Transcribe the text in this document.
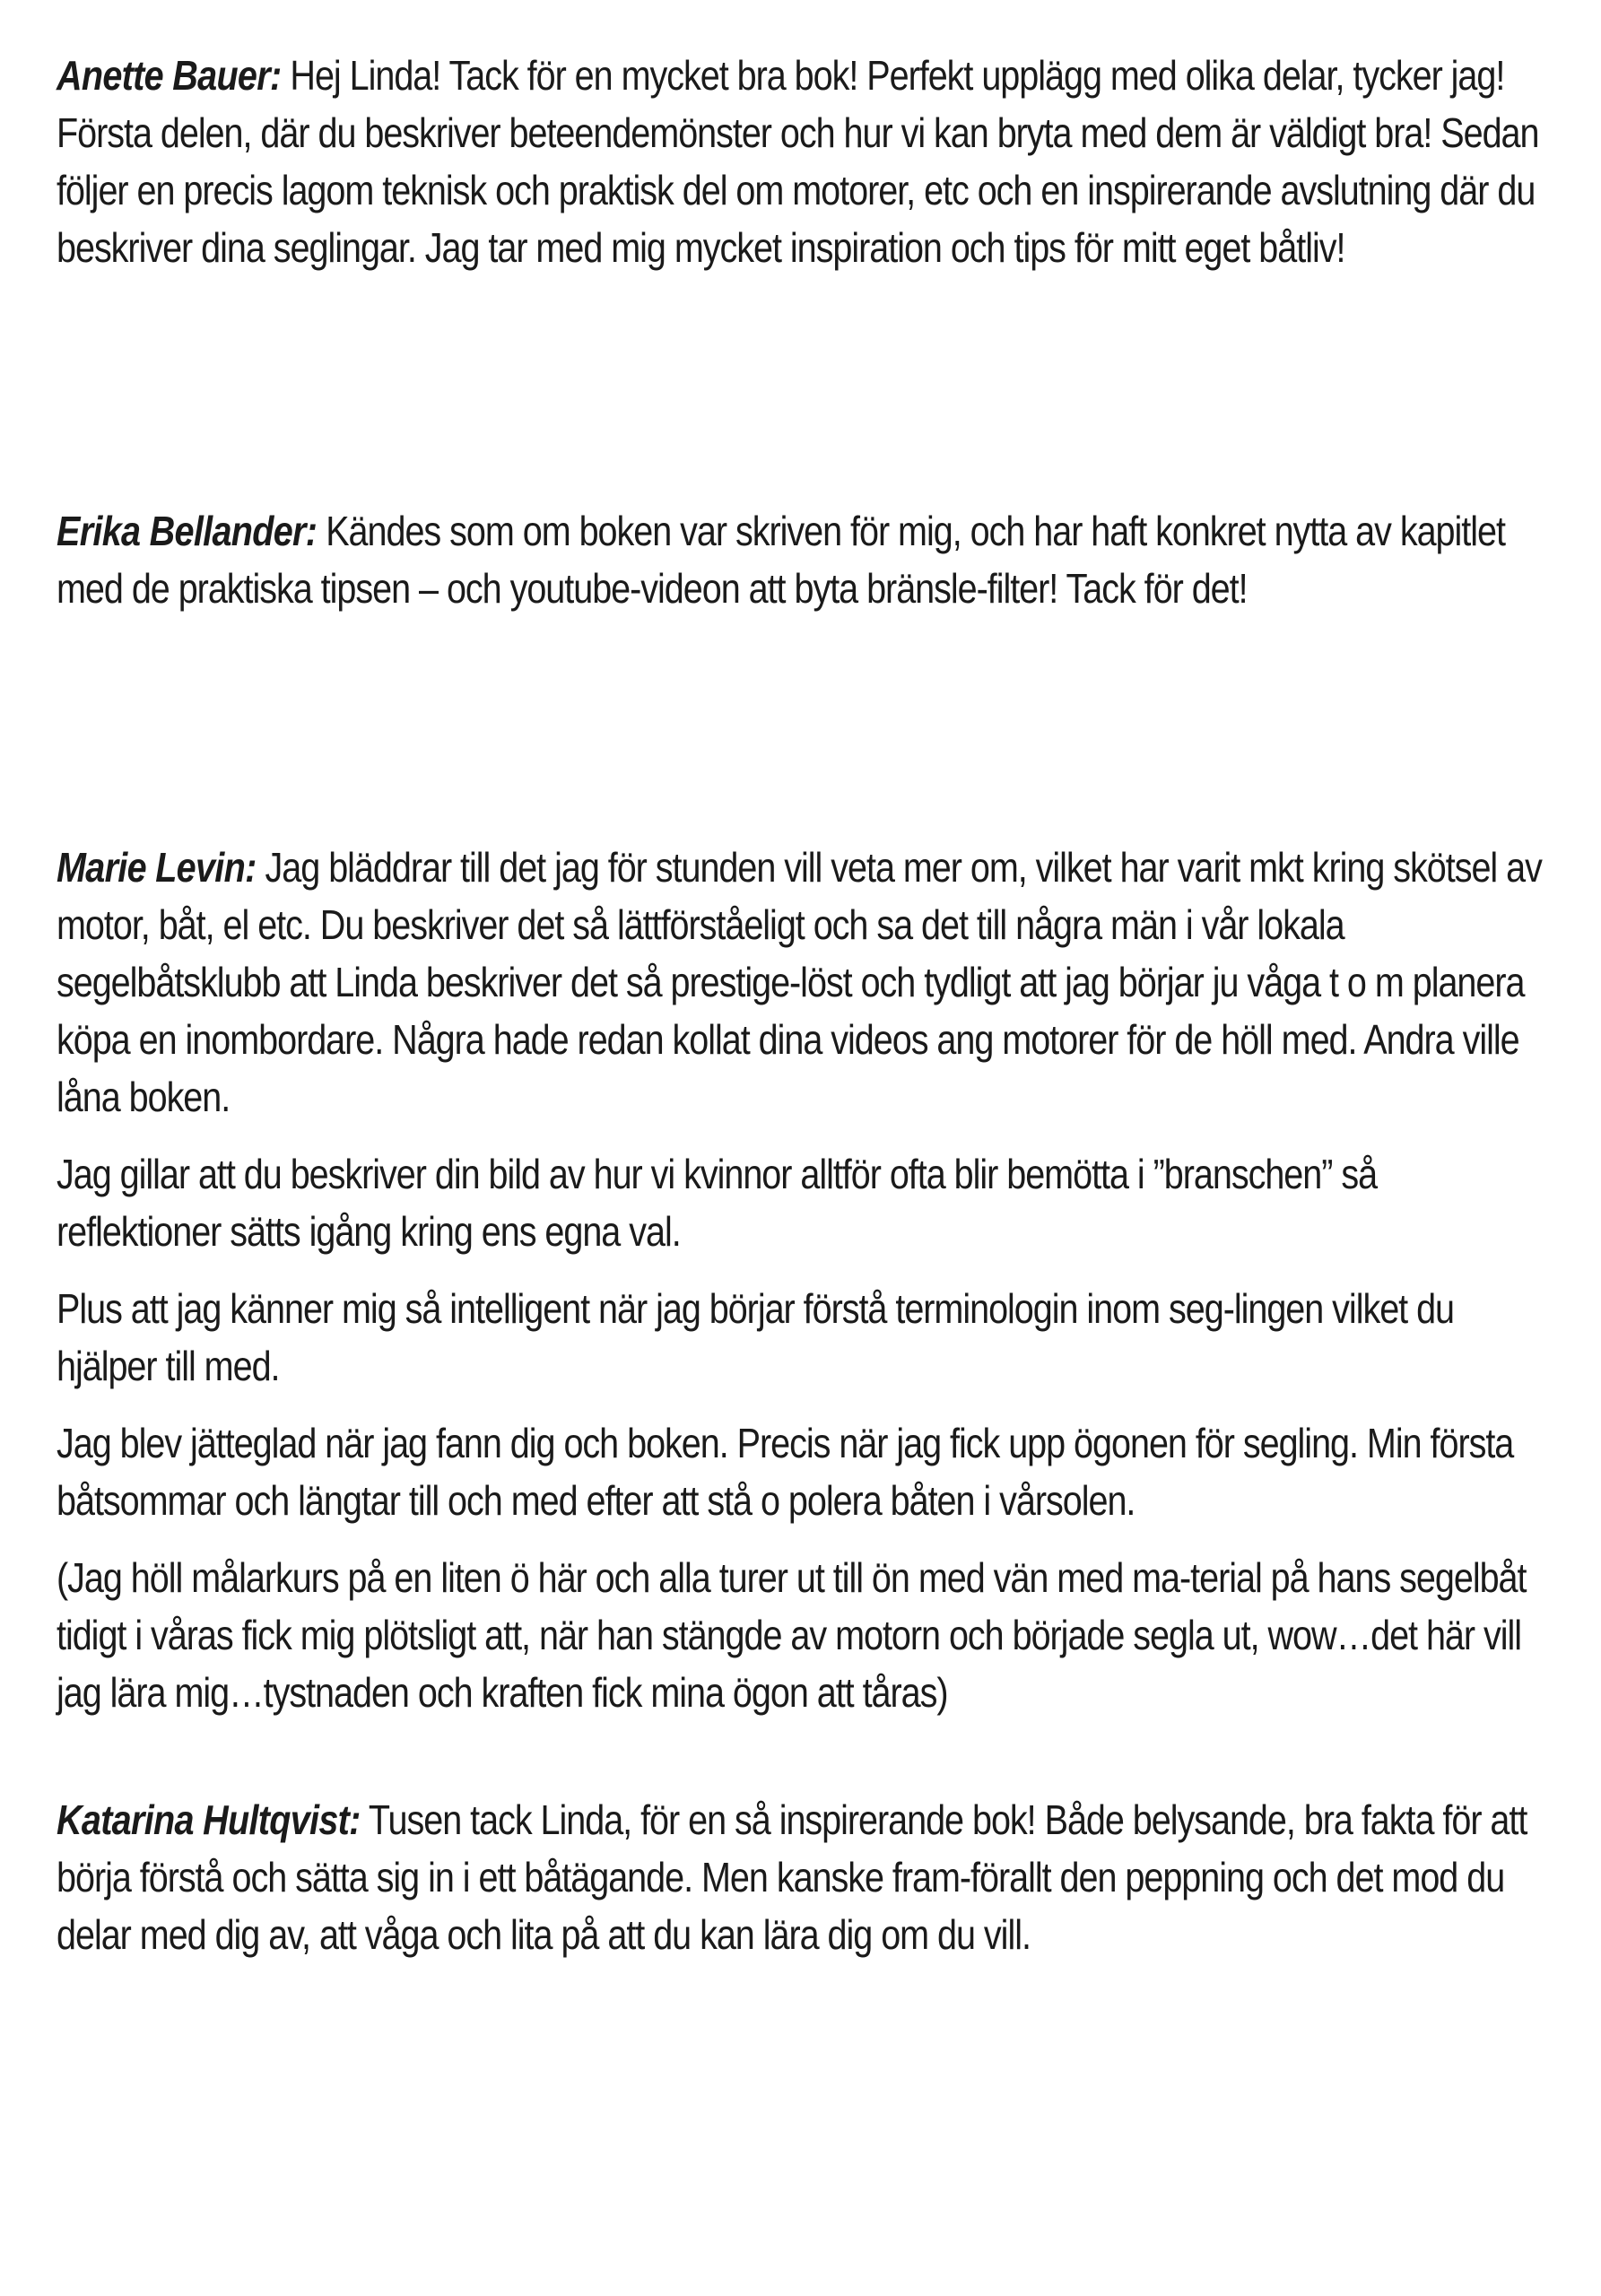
Anette Bauer: Hej Linda! Tack för en mycket bra bok! Perfekt upplägg med olika delar, tycker jag!

Första delen, där du beskriver beteendemönster och hur vi kan bryta med dem är väldigt bra! Sedan följer en precis lagom teknisk och praktisk del om motorer, etc och en inspirerande avslutning där du beskriver dina seglingar. Jag tar med mig mycket inspiration och tips för mitt eget båtliv!

Erika Bellander: Kändes som om boken var skriven för mig, och har haft konkret nytta av kapitlet med de praktiska tipsen – och youtube-videon att byta bränsle-filter! Tack för det!

Marie Levin: Jag bläddrar till det jag för stunden vill veta mer om, vilket har varit mkt kring skötsel av motor, båt, el etc. Du beskriver det så lättförståeligt och sa det till några män i vår lokala segelbåtsklubb att Linda beskriver det så prestige-löst och tydligt att jag börjar ju våga t o m planera köpa en inombordare. Några hade redan kollat dina videos ang motorer för de höll med. Andra ville låna boken.

Jag gillar att du beskriver din bild av hur vi kvinnor alltför ofta blir bemötta i ”branschen” så reflektioner sätts igång kring ens egna val.

Plus att jag känner mig så intelligent när jag börjar förstå terminologin inom seg-lingen vilket du hjälper till med.

Jag blev jätteglad när jag fann dig och boken. Precis när jag fick upp ögonen för segling. Min första båtsommar och längtar till och med efter att stå o polera båten i vårsolen.

(Jag höll målarkurs på en liten ö här och alla turer ut till ön med vän med ma-terial på hans segelbåt tidigt i våras fick mig plötsligt att, när han stängde av motorn och började segla ut, wow…det här vill jag lära mig…tystnaden och kraften fick mina ögon att tåras)

Katarina Hultqvist: Tusen tack Linda, för en så inspirerande bok! Både belysande, bra fakta för att börja förstå och sätta sig in i ett båtägande. Men kanske fram-förallt den peppning och det mod du delar med dig av, att våga och lita på att du kan lära dig om du vill.
